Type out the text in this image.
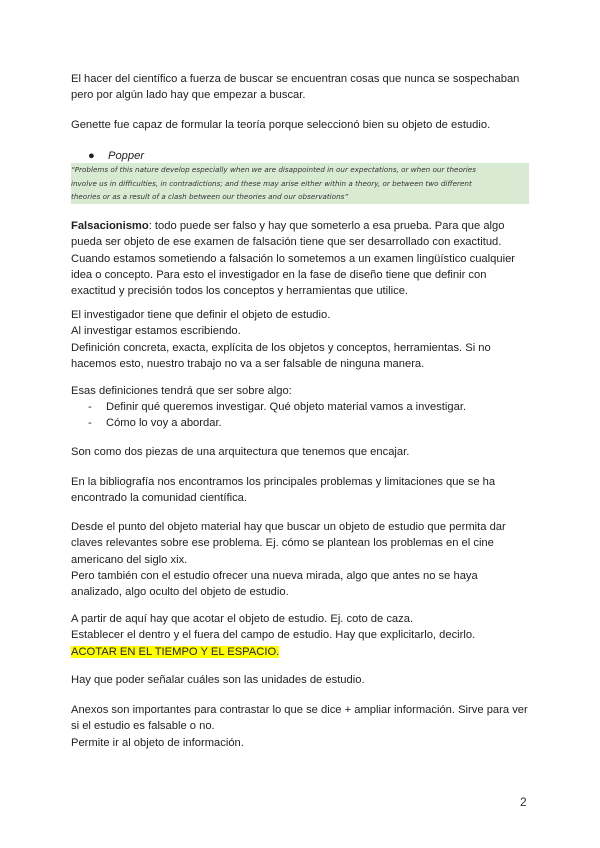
El hacer del científico a fuerza de buscar se encuentran cosas que nunca se sospechaban
pero por algún lado hay que empezar a buscar.

Genette fue capaz de formular la teoría porque seleccionó bien su objeto de estudio.

● Popper
“Problems of this nature develop especially when we are disappointed in our expectations, or when our theories
involve us in difficulties, in contradictions; and these may arise either within a theory, or between two different
theories or as a result of a clash between our theories and our observations”

Falsacionismo: todo puede ser falso y hay que someterlo a esa prueba. Para que algo
pueda ser objeto de ese examen de falsación tiene que ser desarrollado con exactitud.
Cuando estamos sometiendo a falsación lo sometemos a un examen lingüístico cualquier
idea o concepto. Para esto el investigador en la fase de diseño tiene que definir con
exactitud y precisión todos los conceptos y herramientas que utilice.

El investigador tiene que definir el objeto de estudio.
Al investigar estamos escribiendo.
Definición concreta, exacta, explícita de los objetos y conceptos, herramientas. Si no
hacemos esto, nuestro trabajo no va a ser falsable de ninguna manera.

Esas definiciones tendrá que ser sobre algo:

-	Definir qué queremos investigar. Qué objeto material vamos a investigar.
-	Cómo lo voy a abordar.

Son como dos piezas de una arquitectura que tenemos que encajar.

En la bibliografía nos encontramos los principales problemas y limitaciones que se ha
encontrado la comunidad científica.

Desde el punto del objeto material hay que buscar un objeto de estudio que permita dar
claves relevantes sobre ese problema. Ej. cómo se plantean los problemas en el cine
americano del siglo xix.
Pero también con el estudio ofrecer una nueva mirada, algo que antes no se haya
analizado, algo oculto del objeto de estudio.

A partir de aquí hay que acotar el objeto de estudio. Ej. coto de caza.
Establecer el dentro y el fuera del campo de estudio. Hay que explicitarlo, decirlo.
ACOTAR EN EL TIEMPO Y EL ESPACIO.

Hay que poder señalar cuáles son las unidades de estudio.

Anexos son importantes para contrastar lo que se dice + ampliar información. Sirve para ver
si el estudio es falsable o no.
Permite ir al objeto de información.

2
